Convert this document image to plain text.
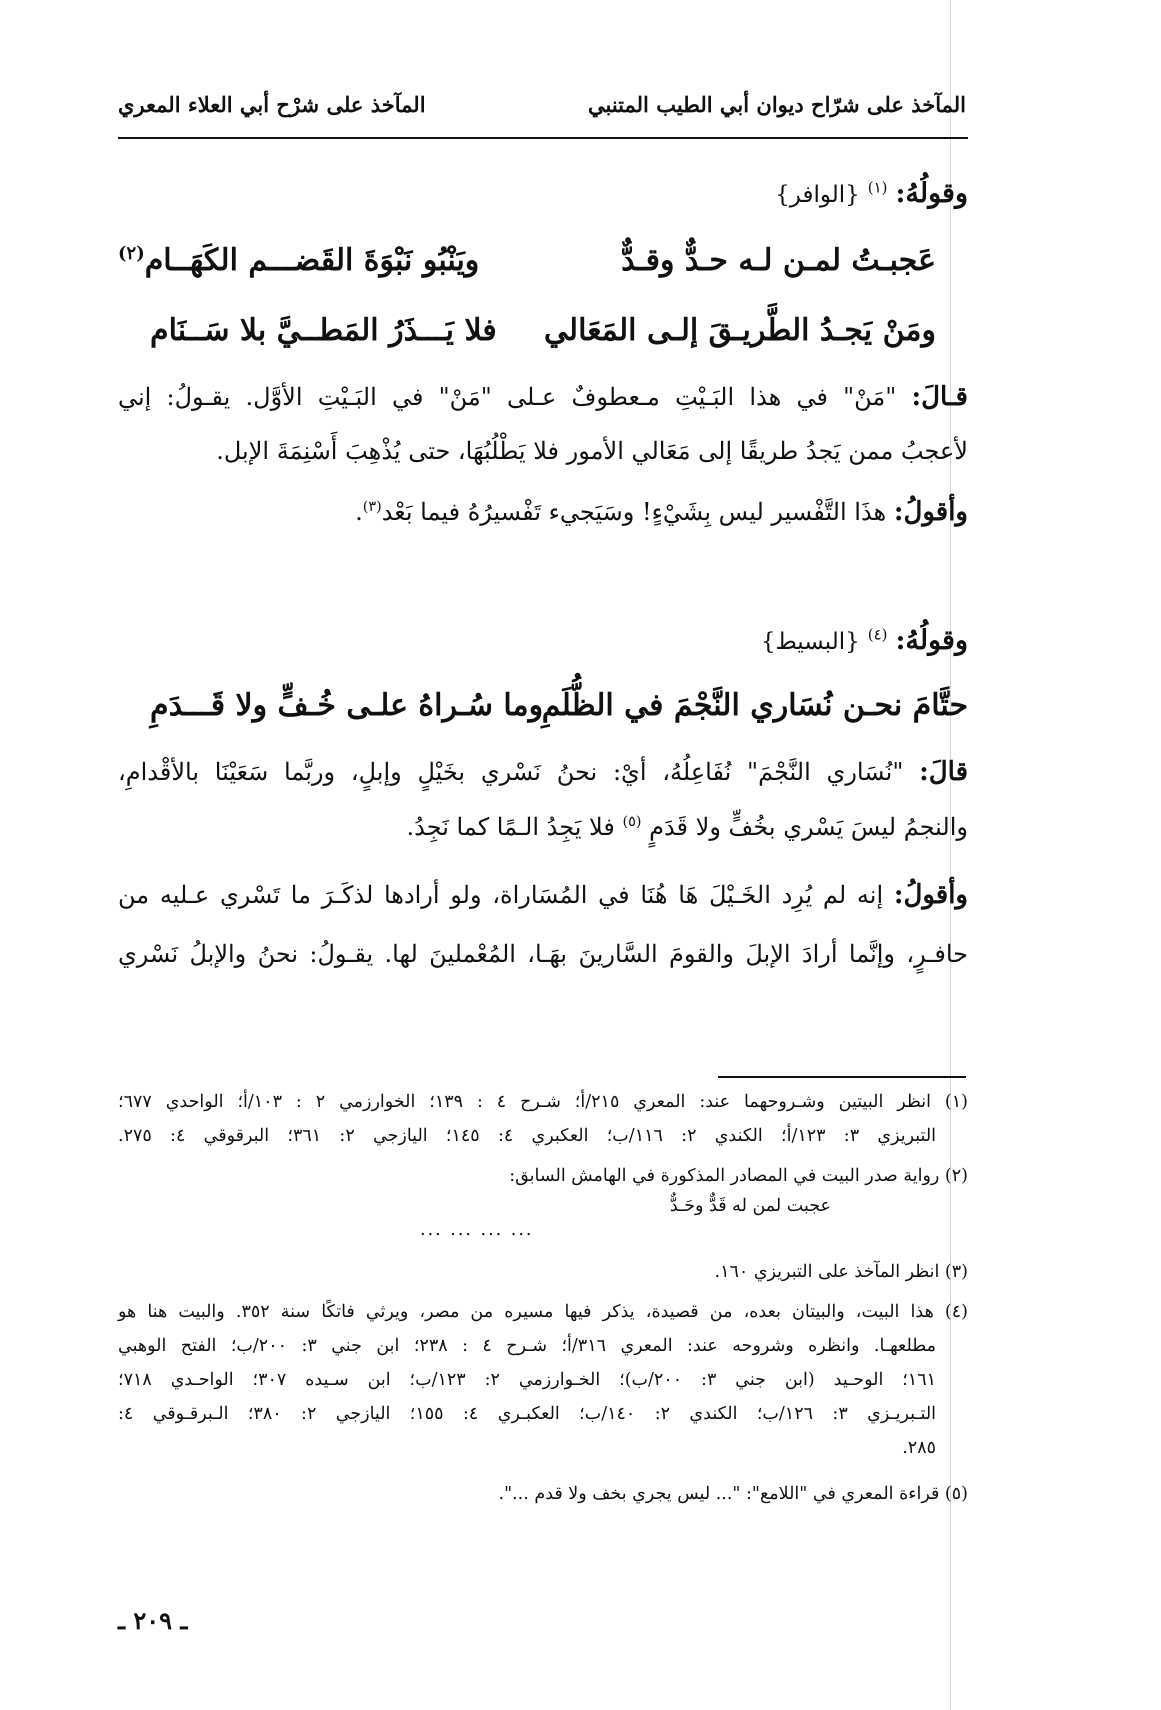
المآخذ على شرّاح ديوان أبي الطيب المتنبي
المآخذ على شرْح أبي العلاء المعري
وقولُهُ: $^{(١)}$ {الوافر}
عَجبـتُ لمـن لـه حـدٌّ وقـدٌّ
ويَنْبُو نَبْوَةَ القَضـــم الكَهَــام$^{(٢)}$
ومَنْ يَجـدُ الطَّريـقَ إلـى المَعَالي
فلا يَـــذَرُ المَطــيَّ بلا سَــنَام
قـالَ: "مَنْ" في هذا البَـيْتِ مـعطوفٌ عـلى "مَنْ" في البَـيْتِ الأوَّل. يقـولُ: إني
لأعجبُ ممن يَجدُ طريقًا إلى مَعَالي الأمور فلا يَطْلُبُهَا، حتى يُذْهِبَ أَسْنِمَةَ الإبل.
وأقولُ: هذَا التَّفْسير ليس بِشَيْءٍ! وسَيَجيء تَفْسيرُهُ فيما بَعْد$^{(٣)}$.
وقولُهُ: $^{(٤)}$ {البسيط}
حتَّامَ نحـن نُسَاري النَّجْمَ في الظُّلَمِ
وما سُـراهُ علـى خُـفٍّ ولا قَـــدَمِ
قالَ: "نُسَاري النَّجْمَ" نُفَاعِلُهُ، أيْ: نحنُ نَسْري بخَيْلٍ وإبلٍ، وربَّما سَعَيْنَا بالأقْدامِ،
والنجمُ ليسَ يَسْري بخُفٍّ ولا قَدَمٍ $^{(٥)}$ فلا يَجِدُ الـمًا كما نَجِدُ.
وأقولُ: إنه لم يُرِد الخَـيْلَ هَا هُنَا في المُسَاراة، ولو أرادها لذكَـرَ ما تَسْري عـليه من
حافـرٍ، وإنَّما أرادَ الإبلَ والقومَ السَّارينَ بهَـا، المُعْملينَ لها. يقـولُ: نحنُ والإبلُ نَسْري
(١) انظر البيتين وشـروحهما عند: المعري ٢١٥/أ؛ شـرح ٤ : ١٣٩؛ الخوارزمي ٢ : ١٠٣/أ؛ الواحدي ٦٧٧؛
التبريزي ٣: ١٢٣/أ؛ الكندي ٢: ١١٦/ب؛ العكبري ٤: ١٤٥؛ اليازجي ٢: ٣٦١؛ البرقوقي ٤: ٢٧٥.
(٢) رواية صدر البيت في المصادر المذكورة في الهامش السابق:
عجبت لمن له قَدٌّ وحَـدٌّ
... ... ... ...
(٣) انظر المآخذ على التبريزي ١٦٠.
(٤) هذا البيت، والبيتان بعده، من قصيدة، يذكر فيها مسيره من مصر، ويرثي فاتكًا سنة ٣٥٢. والبيت هنا هو
مطلعهـا. وانظره وشروحه عند: المعري ٣١٦/أ؛ شـرح ٤ : ٢٣٨؛ ابن جني ٣: ٢٠٠/ب؛ الفتح الوهبي
١٦١؛ الوحـيد (ابن جني ٣: ٢٠٠/ب)؛ الخـوارزمي ٢: ١٢٣/ب؛ ابن سـيده ٣٠٧؛ الواحـدي ٧١٨؛
التـبريـزي ٣: ١٢٦/ب؛ الكندي ٢: ١٤٠/ب؛ العكبـري ٤: ١٥٥؛ اليازجي ٢: ٣٨٠؛ الـبرقـوقي ٤:
٢٨٥.
(٥) قراءة المعري في "اللامع": "... ليس يجري بخف ولا قدم ...".
ـ ٢٠٩ ـ
